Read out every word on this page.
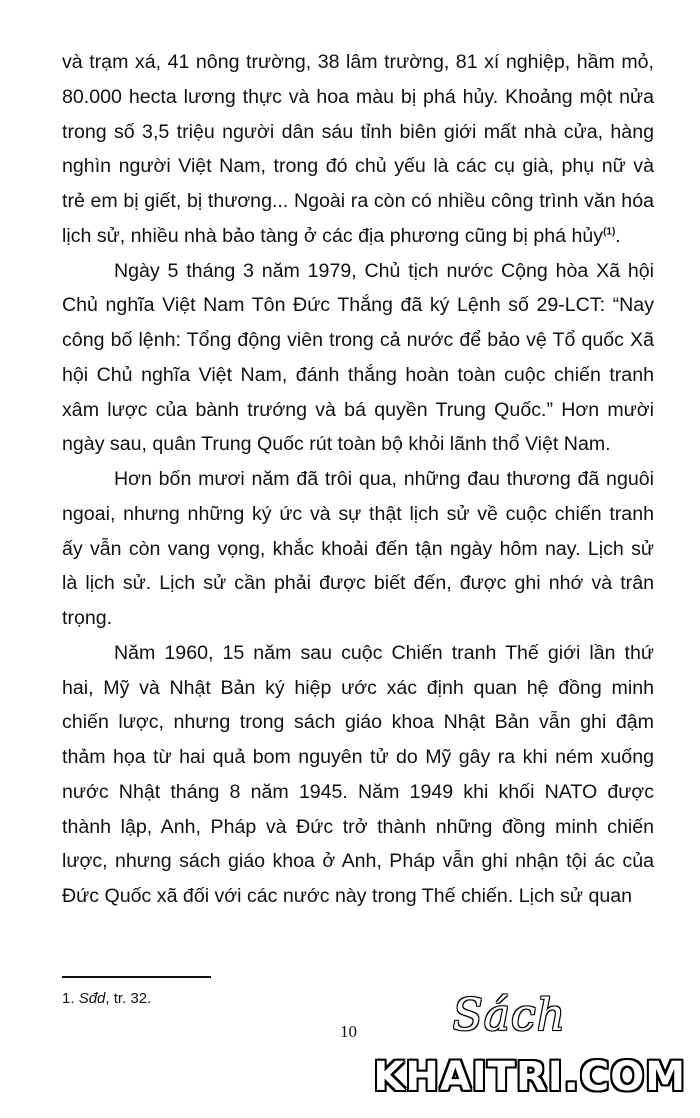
và trạm xá, 41 nông trường, 38 lâm trường, 81 xí nghiệp, hầm mỏ,
80.000 hecta lương thực và hoa màu bị phá hủy. Khoảng một nửa
trong số 3,5 triệu người dân sáu tỉnh biên giới mất nhà cửa, hàng
nghìn người Việt Nam, trong đó chủ yếu là các cụ già, phụ nữ và
trẻ em bị giết, bị thương... Ngoài ra còn có nhiều công trình văn hóa
lịch sử, nhiều nhà bảo tàng ở các địa phương cũng bị phá hủy$^{(1)}$.
Ngày 5 tháng 3 năm 1979, Chủ tịch nước Cộng hòa Xã hội
Chủ nghĩa Việt Nam Tôn Đức Thắng đã ký Lệnh số 29-LCT: “Nay
công bố lệnh: Tổng động viên trong cả nước để bảo vệ Tổ quốc Xã
hội Chủ nghĩa Việt Nam, đánh thắng hoàn toàn cuộc chiến tranh
xâm lược của bành trướng và bá quyền Trung Quốc.” Hơn mười
ngày sau, quân Trung Quốc rút toàn bộ khỏi lãnh thổ Việt Nam.
Hơn bốn mươi năm đã trôi qua, những đau thương đã nguôi
ngoai, nhưng những ký ức và sự thật lịch sử về cuộc chiến tranh
ấy vẫn còn vang vọng, khắc khoải đến tận ngày hôm nay. Lịch sử
là lịch sử. Lịch sử cần phải được biết đến, được ghi nhớ và trân
trọng.
Năm 1960, 15 năm sau cuộc Chiến tranh Thế giới lần thứ
hai, Mỹ và Nhật Bản ký hiệp ước xác định quan hệ đồng minh
chiến lược, nhưng trong sách giáo khoa Nhật Bản vẫn ghi đậm
thảm họa từ hai quả bom nguyên tử do Mỹ gây ra khi ném xuống
nước Nhật tháng 8 năm 1945. Năm 1949 khi khối NATO được
thành lập, Anh, Pháp và Đức trở thành những đồng minh chiến
lược, nhưng sách giáo khoa ở Anh, Pháp vẫn ghi nhận tội ác của
Đức Quốc xã đối với các nước này trong Thế chiến. Lịch sử quan
1. Sđd, tr. 32.
10 Sách
KHAITRI.COM
